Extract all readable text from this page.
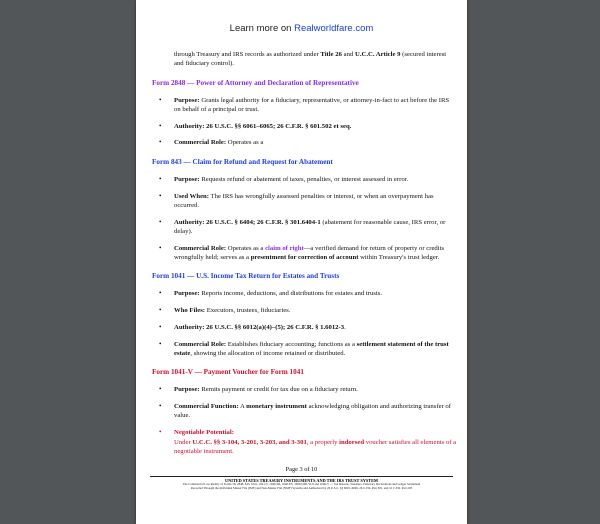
Learn more on Realworldfare.com

through Treasury and IRS records as authorized under Title 26 and U.C.C. Article 9 (secured interest and fiduciary control).

Form 2848 — Power of Attorney and Declaration of Representative
• Purpose: Grants legal authority for a fiduciary, representative, or attorney-in-fact to act before the IRS on behalf of a principal or trust.
• Authority: 26 U.S.C. §§ 6061–6065; 26 C.F.R. § 601.502 et seq.
• Commercial Role: Operates as a
Form 843 — Claim for Refund and Request for Abatement
• Purpose: Requests refund or abatement of taxes, penalties, or interest assessed in error.
• Used When: The IRS has wrongfully assessed penalties or interest, or when an overpayment has occurred.
• Authority: 26 U.S.C. § 6404; 26 C.F.R. § 301.6404-1 (abatement for reasonable cause, IRS error, or delay).
• Commercial Role: Operates as a claim of right—a verified demand for return of property or credits wrongfully held; serves as a presentment for correction of account within Treasury's trust ledger.
Form 1041 — U.S. Income Tax Return for Estates and Trusts
• Purpose: Reports income, deductions, and distributions for estates and trusts.
• Who Files: Executors, trustees, fiduciaries.
• Authority: 26 U.S.C. §§ 6012(a)(4)–(5); 26 C.F.R. § 1.6012-3.
• Commercial Role: Establishes fiduciary accounting; functions as a settlement statement of the trust estate, showing the allocation of income retained or distributed.
Form 1041-V — Payment Voucher for Form 1041
• Purpose: Remits payment or credit for tax due on a fiduciary return.
• Commercial Function: A monetary instrument acknowledging obligation and authorizing transfer of value.
• Negotiable Potential:
Under U.C.C. §§ 3-104, 3-201, 3-203, and 3-301, a properly indorsed voucher satisfies all elements of a negotiable instrument.
Page 3 of 10
UNITED STATES TREASURY INSTRUMENTS AND THE IRS TRUST SYSTEM
The Commercial Law Reality of Forms 56, 2848, 843, 1041, 1041-V, 1040-SR, 1040-ES, 1099-OID, W-9 and 1040-V — Tax Returns, Vouchers, Fiduciary Declarations and Ledger Settlement
Recorded Through the Individual Master File (IMF) and Non-Master File (NMF) Systems and Authorized by 26 U.S.C. §§ 6001–6049, 26 C.F.R. Part 301, and 31 C.F.R. Part 203
